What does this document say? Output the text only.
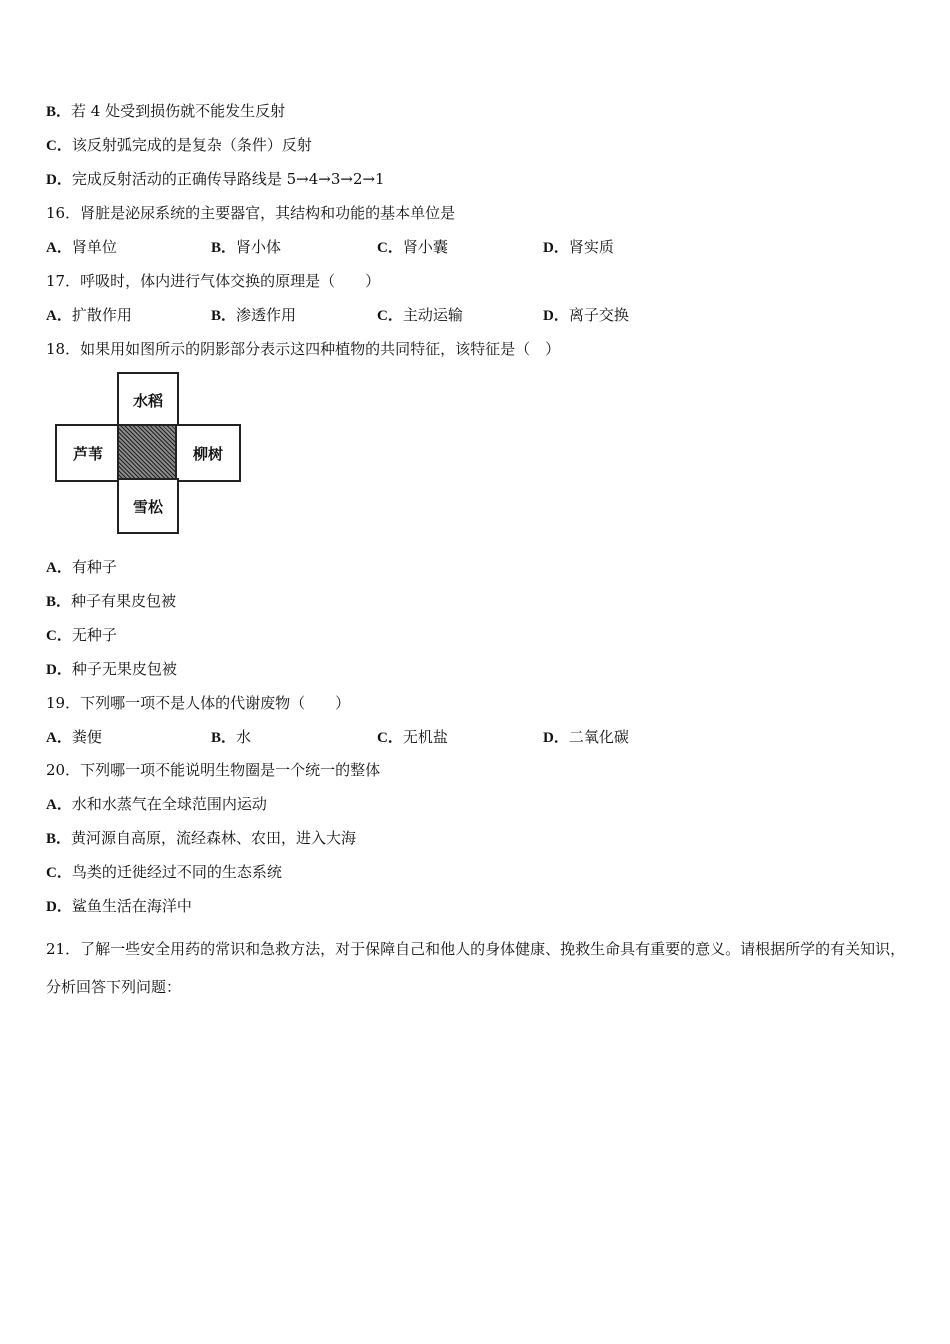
B．若 4 处受到损伤就不能发生反射
C．该反射弧完成的是复杂（条件）反射
D．完成反射活动的正确传导路线是 5→4→3→2→1
16．肾脏是泌尿系统的主要器官，其结构和功能的基本单位是
A．肾单位	B．肾小体	C．肾小囊	D．肾实质
17．呼吸时，体内进行气体交换的原理是（　　）
A．扩散作用	B．渗透作用	C．主动运输	D．离子交换
18．如果用如图所示的阴影部分表示这四种植物的共同特征，该特征是（　）
水稻
芦苇	柳树
雪松
A．有种子
B．种子有果皮包被
C．无种子
D．种子无果皮包被
19．下列哪一项不是人体的代谢废物（　　）
A．粪便	B．水	C．无机盐	D．二氧化碳
20．下列哪一项不能说明生物圈是一个统一的整体
A．水和水蒸气在全球范围内运动
B．黄河源自高原，流经森林、农田，进入大海
C．鸟类的迁徙经过不同的生态系统
D．鲨鱼生活在海洋中
21．了解一些安全用药的常识和急救方法，对于保障自己和他人的身体健康、挽救生命具有重要的意义。请根据所学的有关知识，分析回答下列问题：
